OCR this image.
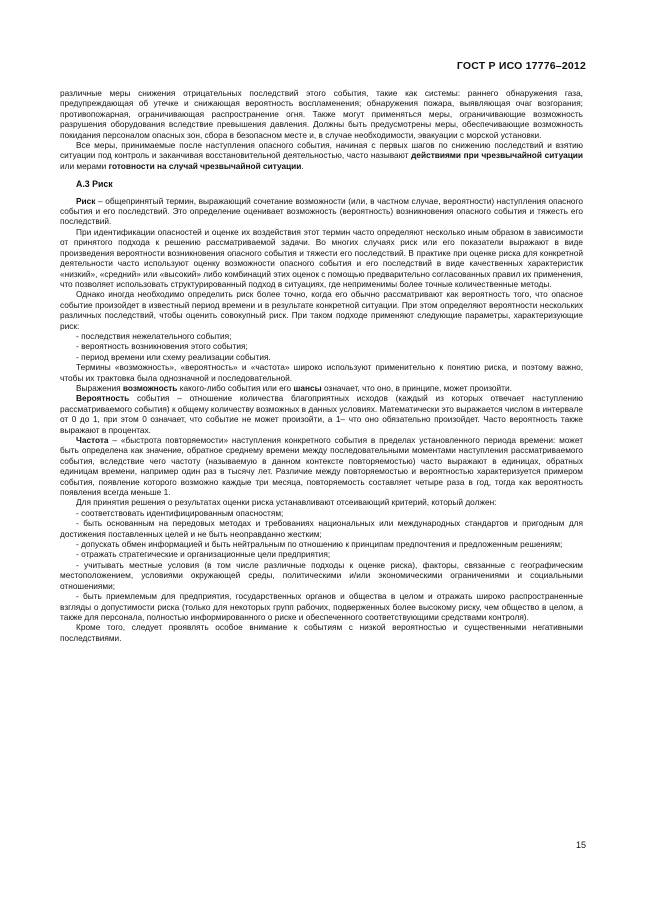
ГОСТ Р ИСО 17776–2012

различные меры снижения отрицательных последствий этого события, такие как системы: раннего обнаружения газа, предупреждающая об утечке и снижающая вероятность воспламенения; обнаружения пожара, выявляющая очаг возгорания; противопожарная, ограничивающая распространение огня. Также могут применяться меры, ограничивающие возможность разрушения оборудования вследствие превышения давления. Должны быть предусмотрены меры, обеспечивающие возможность покидания персоналом опасных зон, сбора в безопасном месте и, в случае необходимости, эвакуации с морской установки.

Все меры, принимаемые после наступления опасного события, начиная с первых шагов по снижению последствий и взятию ситуации под контроль и заканчивая восстановительной деятельностью, часто называют действиями при чрезвычайной ситуации или мерами готовности на случай чрезвычайной ситуации.

А.3 Риск

Риск – общепринятый термин, выражающий сочетание возможности (или, в частном случае, вероятности) наступления опасного события и его последствий. Это определение оценивает возможность (вероятность) возникновения опасного события и тяжесть его последствий.

При идентификации опасностей и оценке их воздействия этот термин часто определяют несколько иным образом в зависимости от принятого подхода к решению рассматриваемой задачи. Во многих случаях риск или его показатели выражают в виде произведения вероятности возникновения опасного события и тяжести его последствий. В практике при оценке риска для конкретной деятельности часто используют оценку возможности опасного события и его последствий в виде качественных характеристик «низкий», «средний» или «высокий» либо комбинаций этих оценок с помощью предварительно согласованных правил их применения, что позволяет использовать структурированный подход в ситуациях, где неприменимы более точные количественные методы.

Однако иногда необходимо определить риск более точно, когда его обычно рассматривают как вероятность того, что опасное событие произойдет в известный период времени и в результате конкретной ситуации. При этом определяют вероятности нескольких различных последствий, чтобы оценить совокупный риск. При таком подходе применяют следующие параметры, характеризующие риск:

- последствия нежелательного события;

- вероятность возникновения этого события;

- период времени или схему реализации события.

Термины «возможность», «вероятность» и «частота» широко используют применительно к понятию риска, и поэтому важно, чтобы их трактовка была однозначной и последовательной.

Выражения возможность какого-либо события или его шансы означает, что оно, в принципе, может произойти.

Вероятность события – отношение количества благоприятных исходов (каждый из которых отвечает наступлению рассматриваемого события) к общему количеству возможных в данных условиях. Математически это выражается числом в интервале от 0 до 1, при этом 0 означает, что событие не может произойти, а 1– что оно обязательно произойдет. Часто вероятность также выражают в процентах.

Частота – «быстрота повторяемости» наступления конкретного события в пределах установленного периода времени: может быть определена как значение, обратное среднему времени между последовательными моментами наступления рассматриваемого события, вследствие чего частоту (называемую в данном контексте повторяемостью) часто выражают в единицах, обратных единицам времени, например один раз в тысячу лет. Различие между повторяемостью и вероятностью характеризуется примером события, появление которого возможно каждые три месяца, повторяемость составляет четыре раза в год, тогда как вероятность появления всегда меньше 1.

Для принятия решения о результатах оценки риска устанавливают отсеивающий критерий, который должен:

- соответствовать идентифицированным опасностям;

- быть основанным на передовых методах и требованиях национальных или международных стандартов и пригодным для достижения поставленных целей и не быть неоправданно жестким;

- допускать обмен информацией и быть нейтральным по отношению к принципам предпочтения и предложенным решениям;

- отражать стратегические и организационные цели предприятия;

- учитывать местные условия (в том числе различные подходы к оценке риска), факторы, связанные с географическим местоположением, условиями окружающей среды, политическими и/или экономическими ограничениями и социальными отношениями;

- быть приемлемым для предприятия, государственных органов и общества в целом и отражать широко распространенные взгляды о допустимости риска (только для некоторых групп рабочих, подверженных более высокому риску, чем общество в целом, а также для персонала, полностью информированного о риске и обеспеченного соответствующими средствами контроля).

Кроме того, следует проявлять особое внимание к событиям с низкой вероятностью и существенными негативными последствиями.

15
